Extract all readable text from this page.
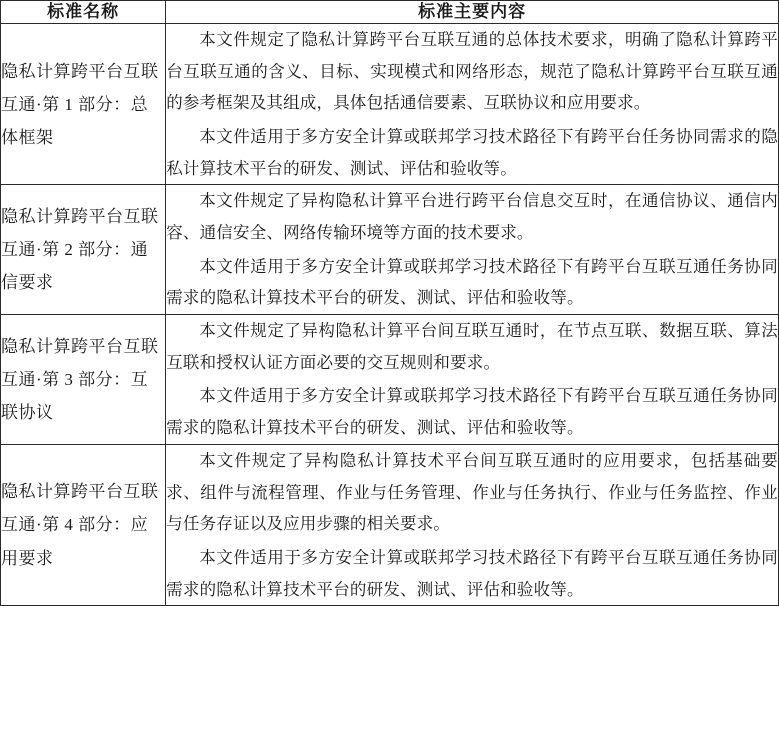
标准名称	标准主要内容
隐私计算跨平台互联互通·第 1 部分：总体框架	本文件规定了隐私计算跨平台互联互通的总体技术要求，明确了隐私计算跨平台互联互通的含义、目标、实现模式和网络形态，规范了隐私计算跨平台互联互通的参考框架及其组成，具体包括通信要素、互联协议和应用要求。

本文件适用于多方安全计算或联邦学习技术路径下有跨平台任务协同需求的隐私计算技术平台的研发、测试、评估和验收等。

隐私计算跨平台互联互通·第 2 部分：通信要求	本文件规定了异构隐私计算平台进行跨平台信息交互时，在通信协议、通信内容、通信安全、网络传输环境等方面的技术要求。

本文件适用于多方安全计算或联邦学习技术路径下有跨平台互联互通任务协同需求的隐私计算技术平台的研发、测试、评估和验收等。

隐私计算跨平台互联互通·第 3 部分：互联协议	本文件规定了异构隐私计算平台间互联互通时，在节点互联、数据互联、算法互联和授权认证方面必要的交互规则和要求。

本文件适用于多方安全计算或联邦学习技术路径下有跨平台互联互通任务协同需求的隐私计算技术平台的研发、测试、评估和验收等。

隐私计算跨平台互联互通·第 4 部分：应用要求	本文件规定了异构隐私计算技术平台间互联互通时的应用要求，包括基础要求、组件与流程管理、作业与任务管理、作业与任务执行、作业与任务监控、作业与任务存证以及应用步骤的相关要求。

本文件适用于多方安全计算或联邦学习技术路径下有跨平台互联互通任务协同需求的隐私计算技术平台的研发、测试、评估和验收等。
